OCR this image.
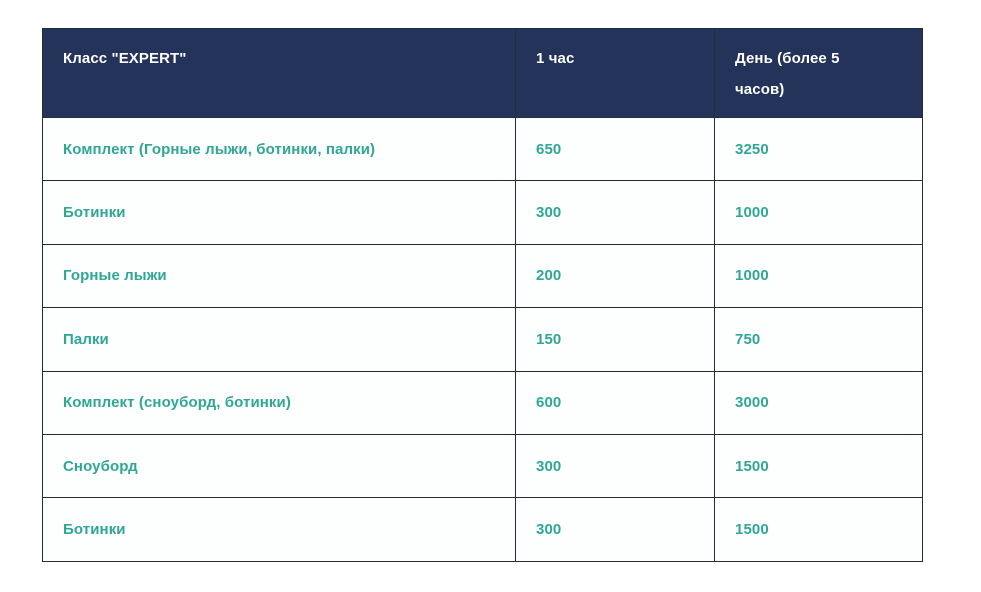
Класс "EXPERT"	1 час	День (более 5 часов)
Комплект (Горные лыжи, ботинки, палки)	650	3250
Ботинки	300	1000
Горные лыжи	200	1000
Палки	150	750
Комплект (сноуборд, ботинки)	600	3000
Сноуборд	300	1500
Ботинки	300	1500
